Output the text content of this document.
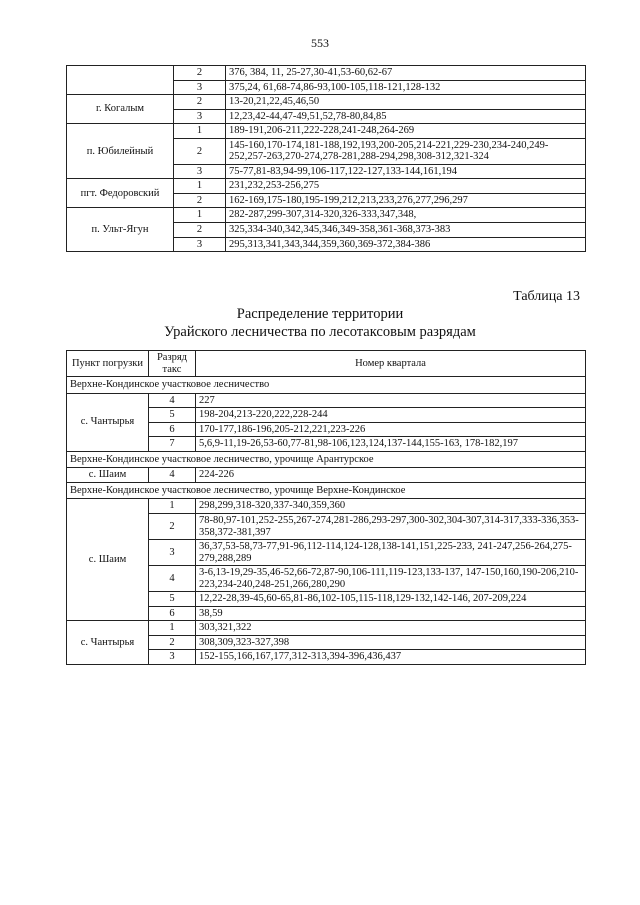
553
	2	376, 384, 11, 25-27,30-41,53-60,62-67
	3	375,24, 61,68-74,86-93,100-105,118-121,128-132
г. Когалым	2	13-20,21,22,45,46,50
	3	12,23,42-44,47-49,51,52,78-80,84,85
п. Юбилейный	1	189-191,206-211,222-228,241-248,264-269
	2	145-160,170-174,181-188,192,193,200-205,214-221,229-230,234-240,249-252,257-263,270-274,278-281,288-294,298,308-312,321-324
	3	75-77,81-83,94-99,106-117,122-127,133-144,161,194
пгт. Федоровский	1	231,232,253-256,275
	2	162-169,175-180,195-199,212,213,233,276,277,296,297
п. Ульт-Ягун	1	282-287,299-307,314-320,326-333,347,348,
	2	325,334-340,342,345,346,349-358,361-368,373-383
	3	295,313,341,343,344,359,360,369-372,384-386
Таблица 13
Распределение территории
Урайского лесничества по лесотаксовым разрядам
Пункт погрузки	Разряд такс	Номер квартала
Верхне-Кондинское участковое лесничество		
с. Чантырья	4	227
	5	198-204,213-220,222,228-244
	6	170-177,186-196,205-212,221,223-226
	7	5,6,9-11,19-26,53-60,77-81,98-106,123,124,137-144,155-163, 178-182,197
Верхне-Кондинское участковое лесничество, урочище Арантурское		
с. Шаим	4	224-226
Верхне-Кондинское участковое лесничество, урочище Верхне-Кондинское		
с. Шаим	1	298,299,318-320,337-340,359,360
	2	78-80,97-101,252-255,267-274,281-286,293-297,300-302,304-307,314-317,333-336,353-358,372-381,397
	3	36,37,53-58,73-77,91-96,112-114,124-128,138-141,151,225-233, 241-247,256-264,275-279,288,289
	4	3-6,13-19,29-35,46-52,66-72,87-90,106-111,119-123,133-137, 147-150,160,190-206,210-223,234-240,248-251,266,280,290
	5	12,22-28,39-45,60-65,81-86,102-105,115-118,129-132,142-146, 207-209,224
	6	38,59
с. Чантырья	1	303,321,322
	2	308,309,323-327,398
	3	152-155,166,167,177,312-313,394-396,436,437
